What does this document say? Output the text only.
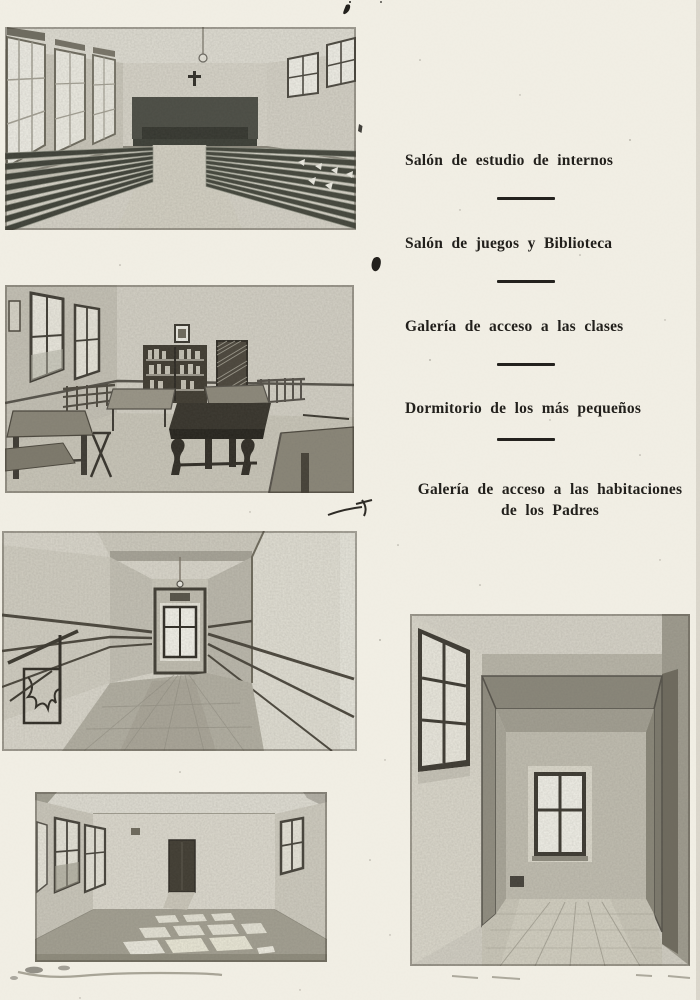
Salón de estudio de internos

Salón de juegos y Biblioteca

Galería de acceso a las clases

Dormitorio de los más pequeños

Galería de acceso a las habitaciones
de los Padres
